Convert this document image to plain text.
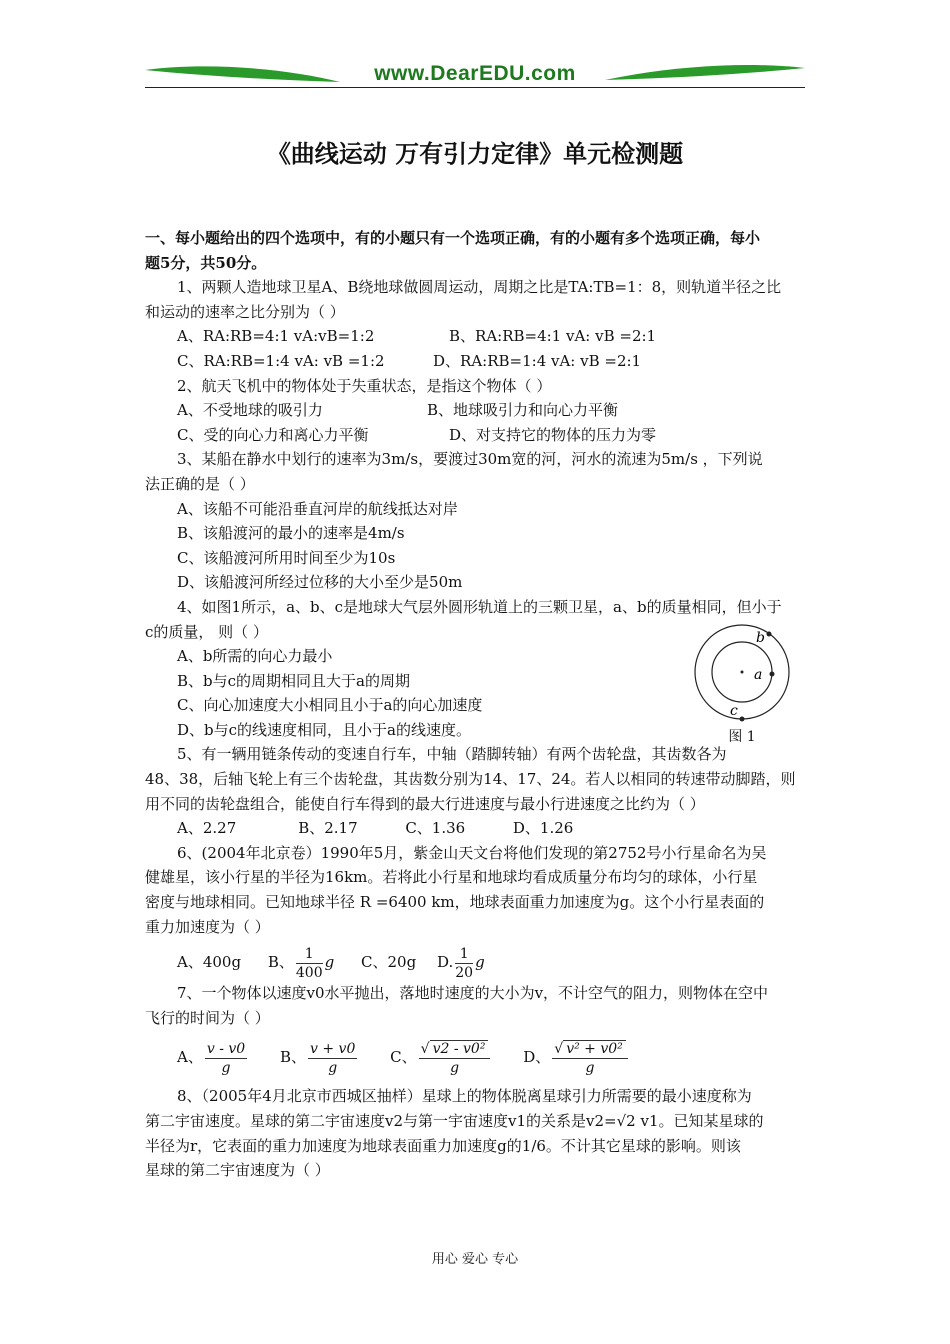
www.DearEDU.com
《曲线运动 万有引力定律》单元检测题
一、每小题给出的四个选项中，有的小题只有一个选项正确，有的小题有多个选项正确，每小
题5分，共50分。
1、两颗人造地球卫星A、B绕地球做圆周运动，周期之比是TA:TB=1：8，则轨道半径之比
和运动的速率之比分别为（ ）
A、RA:RB=4:1 vA:vB=1:2	B、RA:RB=4:1 vA: vB =2:1
C、RA:RB=1:4 vA: vB =1:2	D、RA:RB=1:4 vA: vB =2:1
2、航天飞机中的物体处于失重状态，是指这个物体（ ）
A、不受地球的吸引力	B、地球吸引力和向心力平衡
C、受的向心力和离心力平衡	D、对支持它的物体的压力为零
3、某船在静水中划行的速率为3m/s，要渡过30m宽的河，河水的流速为5m/s ，下列说
法正确的是（ ）
A、该船不可能沿垂直河岸的航线抵达对岸
B、该船渡河的最小的速率是4m/s
C、该船渡河所用时间至少为10s
D、该船渡河所经过位移的大小至少是50m
4、如图1所示，a、b、c是地球大气层外圆形轨道上的三颗卫星，a、b的质量相同，但小于
c的质量， 则（ ）
A、b所需的向心力最小
B、b与c的周期相同且大于a的周期
C、向心加速度大小相同且小于a的向心加速度
D、b与c的线速度相同，且小于a的线速度。
5、有一辆用链条传动的变速自行车，中轴（踏脚转轴）有两个齿轮盘，其齿数各为
48、38，后轴飞轮上有三个齿轮盘，其齿数分别为14、17、24。若人以相同的转速带动脚踏，则
用不同的齿轮盘组合，能使自行车得到的最大行进速度与最小行进速度之比约为（ ）
A、2.27             B、2.17          C、1.36          D、1.26
6、(2004年北京卷）1990年5月，紫金山天文台将他们发现的第2752号小行星命名为吴
健雄星，该小行星的半径为16km。若将此小行星和地球均看成质量分布均匀的球体，小行星
密度与地球相同。已知地球半径 R =6400 km，地球表面重力加速度为g。这个小行星表面的
重力加速度为（ ）
A、400g B、 $\frac{1}{400}$ g C、20g D. $\frac{1}{20}$ g
7、一个物体以速度v0水平抛出，落地时速度的大小为v，不计空气的阻力，则物体在空中
飞行的时间为（ ）
A、 $\frac{v - v0}{g}$ B、 $\frac{v + v0}{g}$ C、 $\frac{\text{√ v2 - v0²}}{g}$ D、 $\frac{\text{√ v² + v0²}}{g}$
8、（2005年4月北京市西城区抽样）星球上的物体脱离星球引力所需要的最小速度称为
第二宇宙速度。星球的第二宇宙速度v2与第一宇宙速度v1的关系是v2=√2 v1。已知某星球的
半径为r，它表面的重力加速度为地球表面重力加速度g的1/6。不计其它星球的影响。则该
星球的第二宇宙速度为（ ）
b
a
c
图 1
用心 爱心 专心
